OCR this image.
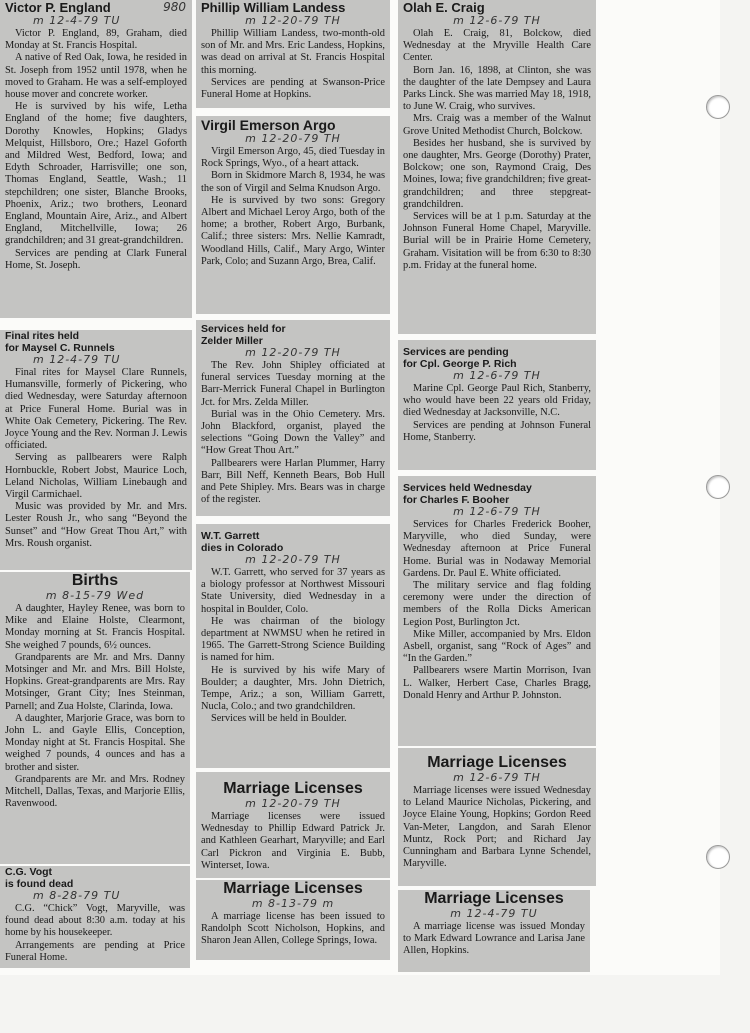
980
Victor P. England
m 12-4-79 TU

Victor P. England, 89, Graham, died Monday at St. Francis Hospital.

A native of Red Oak, Iowa, he resided in St. Joseph from 1952 until 1978, when he moved to Graham. He was a self-employed house mover and concrete worker.

He is survived by his wife, Letha England of the home; five daughters, Dorothy Knowles, Hopkins; Gladys Melquist, Hillsboro, Ore.; Hazel Goforth and Mildred West, Bedford, Iowa; and Edyth Schroader, Harrisville; one son, Thomas England, Seattle, Wash.; 11 stepchildren; one sister, Blanche Brooks, Phoenix, Ariz.; two brothers, Leonard England, Mountain Aire, Ariz., and Albert England, Mitchellville, Iowa; 26 grandchildren; and 31 great-grandchildren.

Services are pending at Clark Funeral Home, St. Joseph.

Final rites held
for Maysel C. Runnels
m 12-4-79 TU

Final rites for Maysel Clare Runnels, Humansville, formerly of Pickering, who died Wednesday, were Saturday afternoon at Price Funeral Home. Burial was in White Oak Cemetery, Pickering. The Rev. Joyce Young and the Rev. Norman J. Lewis officiated.

Serving as pallbearers were Ralph Hornbuckle, Robert Jobst, Maurice Loch, Leland Nicholas, William Linebaugh and Virgil Carmichael.

Music was provided by Mr. and Mrs. Lester Roush Jr., who sang “Beyond the Sunset” and “How Great Thou Art,” with Mrs. Roush organist.

Births
m 8-15-79 Wed

A daughter, Hayley Renee, was born to Mike and Elaine Holste, Clearmont, Monday morning at St. Francis Hospital. She weighed 7 pounds, 6½ ounces.

Grandparents are Mr. and Mrs. Danny Motsinger and Mr. and Mrs. Bill Holste, Hopkins. Great-grandparents are Mrs. Ray Motsinger, Grant City; Ines Steinman, Parnell; and Zua Holste, Clarinda, Iowa.

A daughter, Marjorie Grace, was born to John L. and Gayle Ellis, Conception, Monday night at St. Francis Hospital. She weighed 7 pounds, 4 ounces and has a brother and sister.

Grandparents are Mr. and Mrs. Rodney Mitchell, Dallas, Texas, and Marjorie Ellis, Ravenwood.

C.G. Vogt
is found dead
m 8-28-79 TU

C.G. “Chick” Vogt, Maryville, was found dead about 8:30 a.m. today at his home by his housekeeper.

Arrangements are pending at Price Funeral Home.

Phillip William Landess
m 12-20-79 TH

Phillip William Landess, two-month-old son of Mr. and Mrs. Eric Landess, Hopkins, was dead on arrival at St. Francis Hospital this morning.

Services are pending at Swanson-Price Funeral Home at Hopkins.

Virgil Emerson Argo
m 12-20-79 TH

Virgil Emerson Argo, 45, died Tuesday in Rock Springs, Wyo., of a heart attack.

Born in Skidmore March 8, 1934, he was the son of Virgil and Selma Knudson Argo.

He is survived by two sons: Gregory Albert and Michael Leroy Argo, both of the home; a brother, Robert Argo, Burbank, Calif.; three sisters: Mrs. Nellie Kamradt, Woodland Hills, Calif., Mary Argo, Winter Park, Colo; and Suzann Argo, Brea, Calif.

Services held for
Zelder Miller
m 12-20-79 TH

The Rev. John Shipley officiated at funeral services Tuesday morning at the Barr-Merrick Funeral Chapel in Burlington Jct. for Mrs. Zelda Miller.

Burial was in the Ohio Cemetery. Mrs. John Blackford, organist, played the selections “Going Down the Valley” and “How Great Thou Art.”

Pallbearers were Harlan Plummer, Harry Barr, Bill Neff, Kenneth Bears, Bob Hull and Pete Shipley. Mrs. Bears was in charge of the register.

W.T. Garrett
dies in Colorado
m 12-20-79 TH

W.T. Garrett, who served for 37 years as a biology professor at Northwest Missouri State University, died Wednesday in a hospital in Boulder, Colo.

He was chairman of the biology department at NWMSU when he retired in 1965. The Garrett-Strong Science Building is named for him.

He is survived by his wife Mary of Boulder; a daughter, Mrs. John Dietrich, Tempe, Ariz.; a son, William Garrett, Nucla, Colo.; and two grandchildren.

Services will be held in Boulder.

Marriage Licenses
m 12-20-79 TH

Marriage licenses were issued Wednesday to Phillip Edward Patrick Jr. and Kathleen Gearhart, Maryville; and Earl Carl Pickron and Virginia E. Bubb, Winterset, Iowa.

Marriage Licenses
m 8-13-79 m

A marriage license has been issued to Randolph Scott Nicholson, Hopkins, and Sharon Jean Allen, College Springs, Iowa.

Olah E. Craig
m 12-6-79 TH

Olah E. Craig, 81, Bolckow, died Wednesday at the Mryville Health Care Center.

Born Jan. 16, 1898, at Clinton, she was the daughter of the late Dempsey and Laura Parks Linck. She was married May 18, 1918, to June W. Craig, who survives.

Mrs. Craig was a member of the Walnut Grove United Methodist Church, Bolckow.

Besides her husband, she is survived by one daughter, Mrs. George (Dorothy) Prater, Bolckow; one son, Raymond Craig, Des Moines, Iowa; five grandchildren; five great-grandchildren; and three stepgreat-grandchildren.

Services will be at 1 p.m. Saturday at the Johnson Funeral Home Chapel, Maryville. Burial will be in Prairie Home Cemetery, Graham. Visitation will be from 6:30 to 8:30 p.m. Friday at the funeral home.

Services are pending
for Cpl. George P. Rich
m 12-6-79 TH

Marine Cpl. George Paul Rich, Stanberry, who would have been 22 years old Friday, died Wednesday at Jacksonville, N.C.

Services are pending at Johnson Funeral Home, Stanberry.

Services held Wednesday
for Charles F. Booher
m 12-6-79 TH

Services for Charles Frederick Booher, Maryville, who died Sunday, were Wednesday afternoon at Price Funeral Home. Burial was in Nodaway Memorial Gardens. Dr. Paul E. White officiated.

The military service and flag folding ceremony were under the direction of members of the Rolla Dicks American Legion Post, Burlington Jct.

Mike Miller, accompanied by Mrs. Eldon Asbell, organist, sang “Rock of Ages” and “In the Garden.”

Pallbearers wsere Martin Morrison, Ivan L. Walker, Herbert Case, Charles Bragg, Donald Henry and Arthur P. Johnston.

Marriage Licenses
m 12-6-79 TH

Marriage licenses were issued Wednesday to Leland Maurice Nicholas, Pickering, and Joyce Elaine Young, Hopkins; Gordon Reed Van-Meter, Langdon, and Sarah Elenor Muntz, Rock Port; and Richard Jay Cunningham and Barbara Lynne Schendel, Maryville.

Marriage Licenses
m 12-4-79 TU

A marriage license was issued Monday to Mark Edward Lowrance and Larisa Jane Allen, Hopkins.
